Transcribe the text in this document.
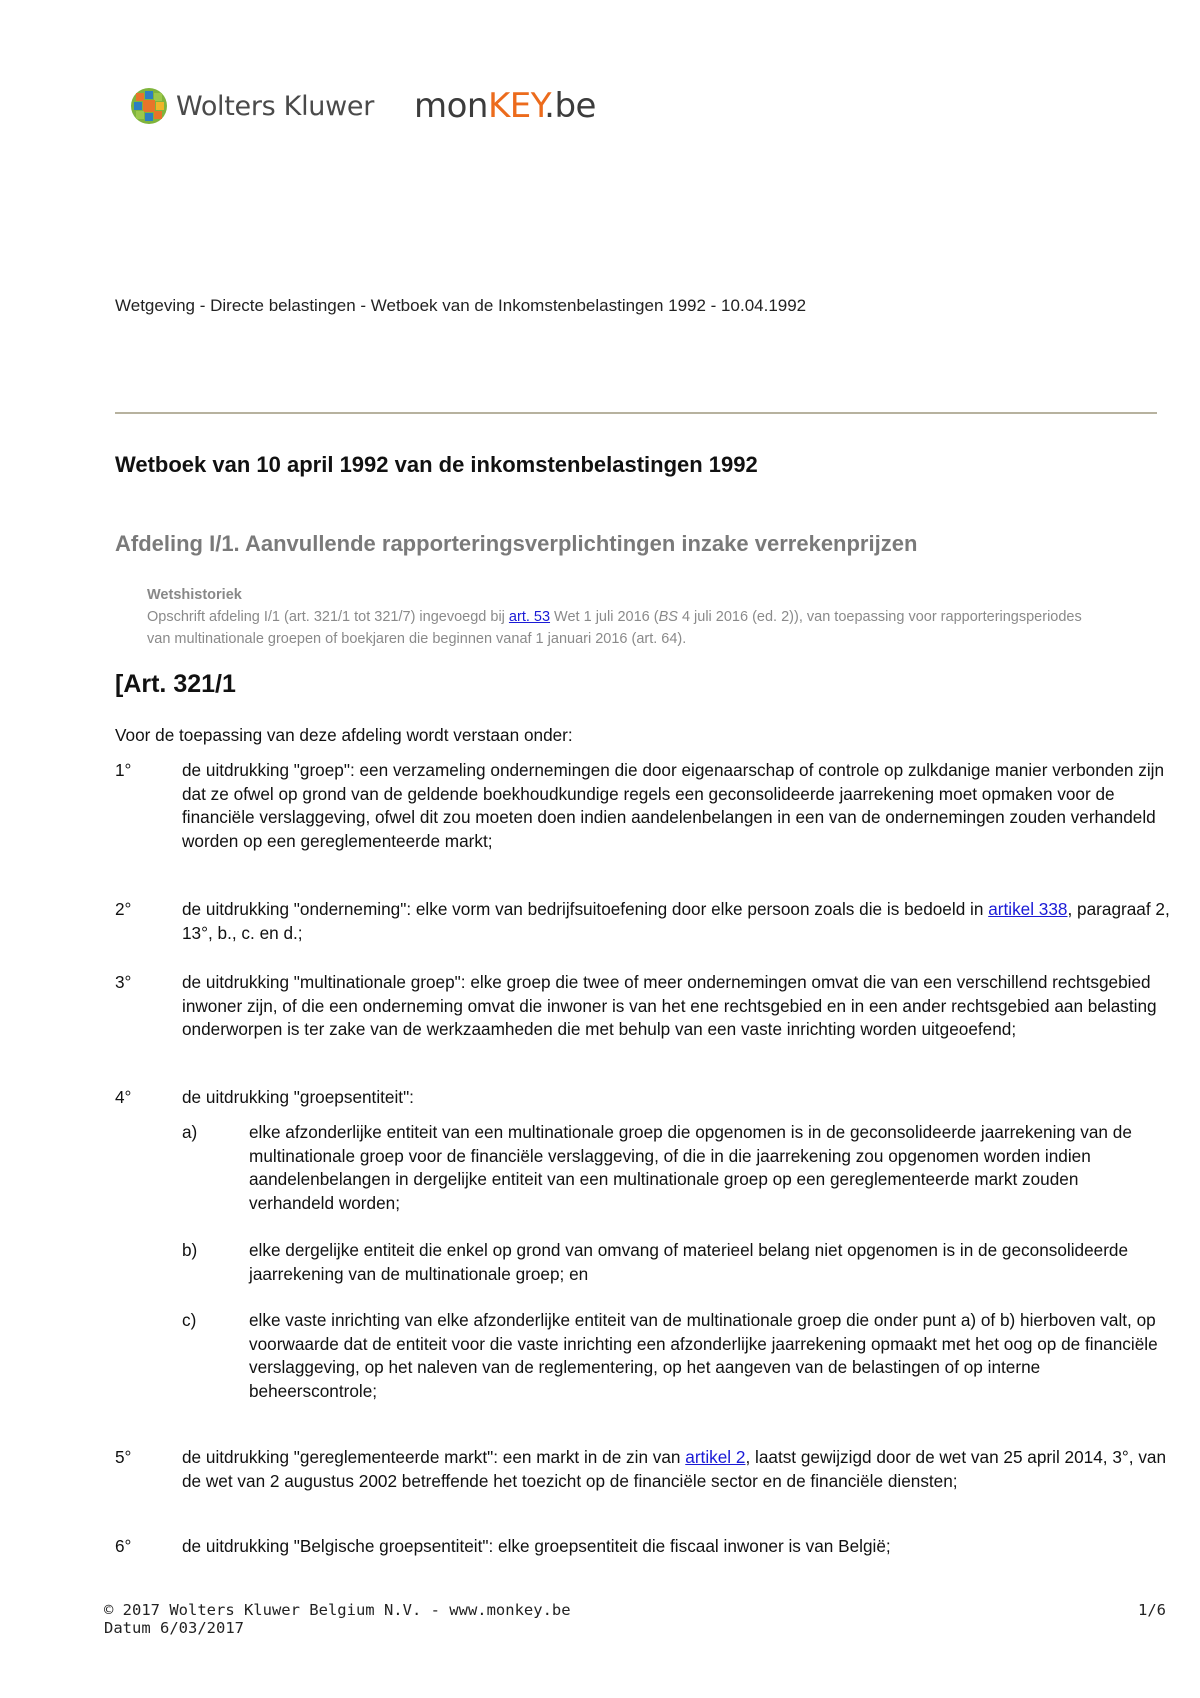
Wolters Kluwer monKEY.be
Wetgeving - Directe belastingen - Wetboek van de Inkomstenbelastingen 1992 - 10.04.1992
Wetboek van 10 april 1992 van de inkomstenbelastingen 1992
Afdeling I/1. Aanvullende rapporteringsverplichtingen inzake verrekenprijzen
Wetshistoriek
Opschrift afdeling I/1 (art. 321/1 tot 321/7) ingevoegd bij art. 53 Wet 1 juli 2016 (BS 4 juli 2016 (ed. 2)), van toepassing voor rapporteringsperiodes van multinationale groepen of boekjaren die beginnen vanaf 1 januari 2016 (art. 64).
[Art. 321/1
Voor de toepassing van deze afdeling wordt verstaan onder:
1°	de uitdrukking "groep": een verzameling ondernemingen die door eigenaarschap of controle op zulkdanige manier verbonden zijn dat ze ofwel op grond van de geldende boekhoudkundige regels een geconsolideerde jaarrekening moet opmaken voor de financiële verslaggeving, ofwel dit zou moeten doen indien aandelenbelangen in een van de ondernemingen zouden verhandeld worden op een gereglementeerde markt;
2°	de uitdrukking "onderneming": elke vorm van bedrijfsuitoefening door elke persoon zoals die is bedoeld in artikel 338, paragraaf 2, 13°, b., c. en d.;
3°	de uitdrukking "multinationale groep": elke groep die twee of meer ondernemingen omvat die van een verschillend rechtsgebied inwoner zijn, of die een onderneming omvat die inwoner is van het ene rechtsgebied en in een ander rechtsgebied aan belasting onderworpen is ter zake van de werkzaamheden die met behulp van een vaste inrichting worden uitgeoefend;
4°	de uitdrukking "groepsentiteit":
a)	elke afzonderlijke entiteit van een multinationale groep die opgenomen is in de geconsolideerde jaarrekening van de multinationale groep voor de financiële verslaggeving, of die in die jaarrekening zou opgenomen worden indien aandelenbelangen in dergelijke entiteit van een multinationale groep op een gereglementeerde markt zouden verhandeld worden;
b)	elke dergelijke entiteit die enkel op grond van omvang of materieel belang niet opgenomen is in de geconsolideerde jaarrekening van de multinationale groep; en
c)	elke vaste inrichting van elke afzonderlijke entiteit van de multinationale groep die onder punt a) of b) hierboven valt, op voorwaarde dat de entiteit voor die vaste inrichting een afzonderlijke jaarrekening opmaakt met het oog op de financiële verslaggeving, op het naleven van de reglementering, op het aangeven van de belastingen of op interne beheerscontrole;
5°	de uitdrukking "gereglementeerde markt": een markt in de zin van artikel 2, laatst gewijzigd door de wet van 25 april 2014, 3°, van de wet van 2 augustus 2002 betreffende het toezicht op de financiële sector en de financiële diensten;
6°	de uitdrukking "Belgische groepsentiteit": elke groepsentiteit die fiscaal inwoner is van België;
© 2017 Wolters Kluwer Belgium N.V. - www.monkey.be
Datum 6/03/2017
1/6
